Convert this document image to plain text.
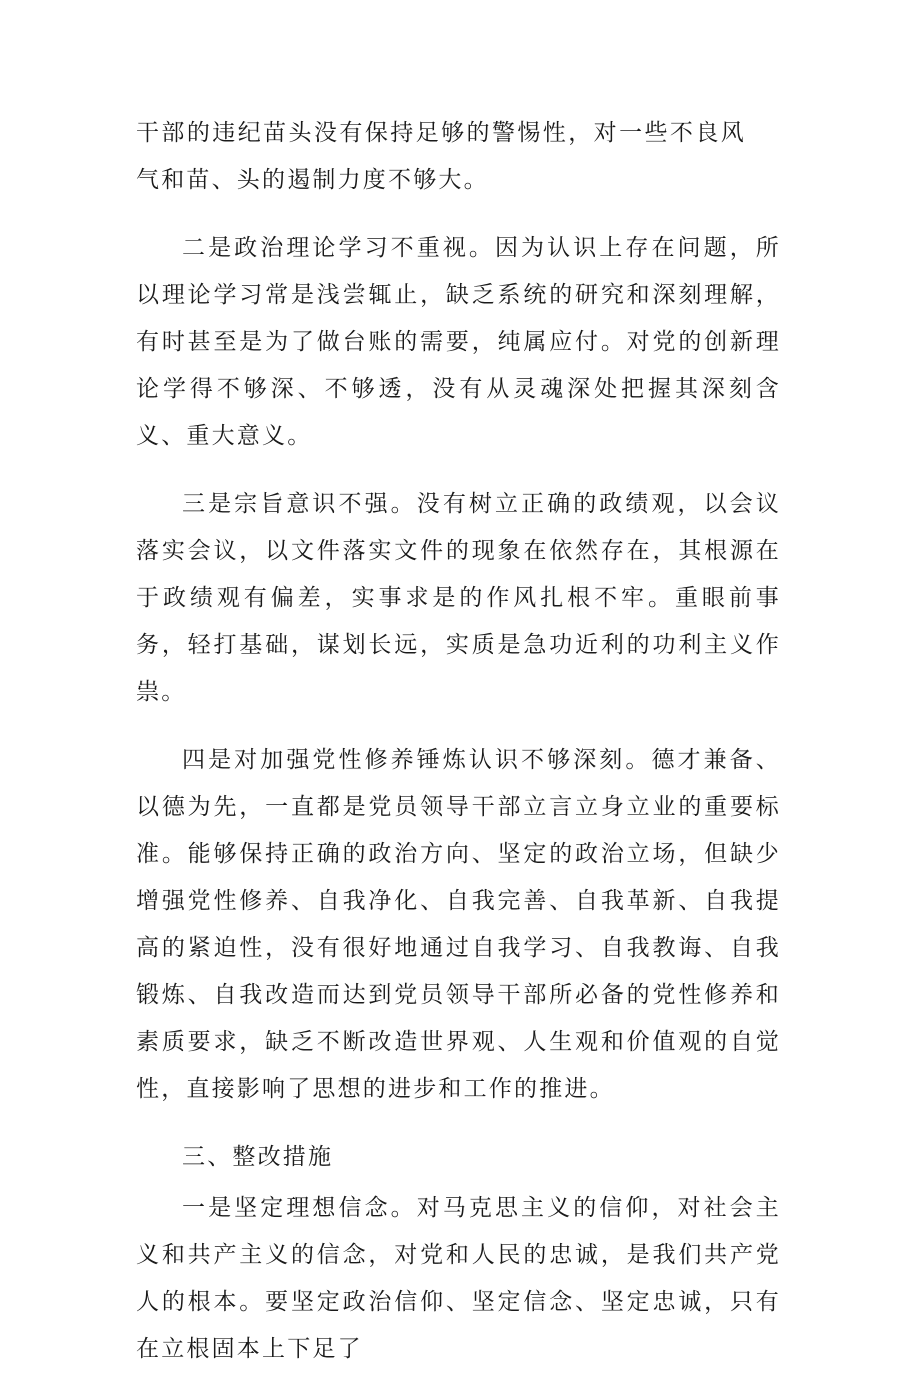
干部的违纪苗头没有保持足够的警惕性，对一些不良风气和苗、头的遏制力度不够大。

二是政治理论学习不重视。因为认识上存在问题，所以理论学习常是浅尝辄止，缺乏系统的研究和深刻理解，有时甚至是为了做台账的需要，纯属应付。对党的创新理论学得不够深、不够透，没有从灵魂深处把握其深刻含义、重大意义。

三是宗旨意识不强。没有树立正确的政绩观，以会议落实会议，以文件落实文件的现象在依然存在，其根源在于政绩观有偏差，实事求是的作风扎根不牢。重眼前事务，轻打基础，谋划长远，实质是急功近利的功利主义作祟。

四是对加强党性修养锤炼认识不够深刻。德才兼备、以德为先，一直都是党员领导干部立言立身立业的重要标准。能够保持正确的政治方向、坚定的政治立场，但缺少增强党性修养、自我净化、自我完善、自我革新、自我提高的紧迫性，没有很好地通过自我学习、自我教诲、自我锻炼、自我改造而达到党员领导干部所必备的党性修养和素质要求，缺乏不断改造世界观、人生观和价值观的自觉性，直接影响了思想的进步和工作的推进。

三、整改措施

一是坚定理想信念。对马克思主义的信仰，对社会主义和共产主义的信念，对党和人民的忠诚，是我们共产党人的根本。要坚定政治信仰、坚定信念、坚定忠诚，只有在立根固本上下足了
